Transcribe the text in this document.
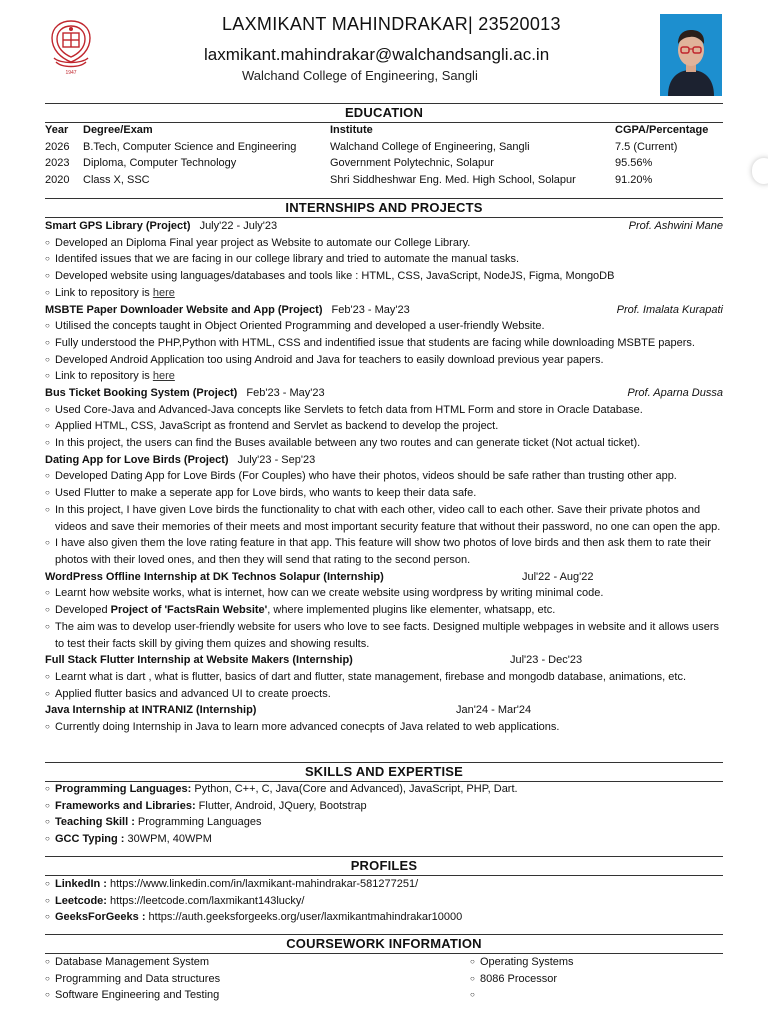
1947
LAXMIKANT MAHINDRAKAR| 23520013
laxmikant.mahindrakar@walchandsangli.ac.in
Walchand College of Engineering, Sangli
EDUCATION
Year Degree/Exam	Institute	CGPA/Percentage
2026 B.Tech, Computer Science and Engineering	Walchand College of Engineering, Sangli	7.5 (Current)
2023 Diploma, Computer Technology	Government Polytechnic, Solapur	95.56%
2020 Class X, SSC	Shri Siddheshwar Eng. Med. High School, Solapur	91.20%
INTERNSHIPS AND PROJECTS
Smart GPS Library (Project) July'22 - July'23	Prof. Ashwini Mane
○ Developed an Diploma Final year project as Website to automate our College Library.
○ Identifed issues that we are facing in our college library and tried to automate the manual tasks.
○ Developed website using languages/databases and tools like : HTML, CSS, JavaScript, NodeJS, Figma, MongoDB
○ Link to repository is here
MSBTE Paper Downloader Website and App (Project) Feb'23 - May'23	Prof. Imalata Kurapati
○ Utilised the concepts taught in Object Oriented Programming and developed a user-friendly Website.
○ Fully understood the PHP,Python with HTML, CSS and indentified issue that students are facing while downloading MSBTE papers.
○ Developed Android Application too using Android and Java for teachers to easily download previous year papers.
○ Link to repository is here
Bus Ticket Booking System (Project) Feb'23 - May'23	Prof. Aparna Dussa
○ Used Core-Java and Advanced-Java concepts like Servlets to fetch data from HTML Form and store in Oracle Database.
○ Applied HTML, CSS, JavaScript as frontend and Servlet as backend to develop the project.
○ In this project, the users can find the Buses available between any two routes and can generate ticket (Not actual ticket).
Dating App for Love Birds (Project) July'23 - Sep'23
○ Developed Dating App for Love Birds (For Couples) who have their photos, videos should be safe rather than trusting other app.
○ Used Flutter to make a seperate app for Love birds, who wants to keep their data safe.
○ In this project, I have given Love birds the functionality to chat with each other, video call to each other. Save their private photos and videos and save their memories of their meets and most important security feature that without their password, no one can open the app.
○ I have also given them the love rating feature in that app. This feature will show two photos of love birds and then ask them to rate their photos with their loved ones, and then they will send that rating to the second person.
WordPress Offline Internship at DK Technos Solapur (Internship)	Jul'22 - Aug'22
○ Learnt how website works, what is internet, how can we create website using wordpress by writing minimal code.
○ Developed Project of 'FactsRain Website', where implemented plugins like elementer, whatsapp, etc.
○ The aim was to develop user-friendly website for users who love to see facts. Designed multiple webpages in website and it allows users to test their facts skill by giving them quizes and showing results.
Full Stack Flutter Internship at Website Makers (Internship)	Jul'23 - Dec'23
○ Learnt what is dart , what is flutter, basics of dart and flutter, state management, firebase and mongodb database, animations, etc.
○ Applied flutter basics and advanced UI to create proects.
Java Internship at INTRANIZ (Internship)	Jan'24 - Mar'24
○ Currently doing Internship in Java to learn more advanced conecpts of Java related to web applications.
SKILLS AND EXPERTISE
○ Programming Languages: Python, C++, C, Java(Core and Advanced), JavaScript, PHP, Dart.
○ Frameworks and Libraries: Flutter, Android, JQuery, Bootstrap
○ Teaching Skill : Programming Languages
○ GCC Typing : 30WPM, 40WPM
PROFILES
○ LinkedIn : https://www.linkedin.com/in/laxmikant-mahindrakar-581277251/
○ Leetcode: https://leetcode.com/laxmikant143lucky/
○ GeeksForGeeks : https://auth.geeksforgeeks.org/user/laxmikantmahindrakar10000
COURSEWORK INFORMATION
○ Database Management System
○ Programming and Data structures
○ Software Engineering and Testing
○ Operating Systems
○ 8086 Processor
○
